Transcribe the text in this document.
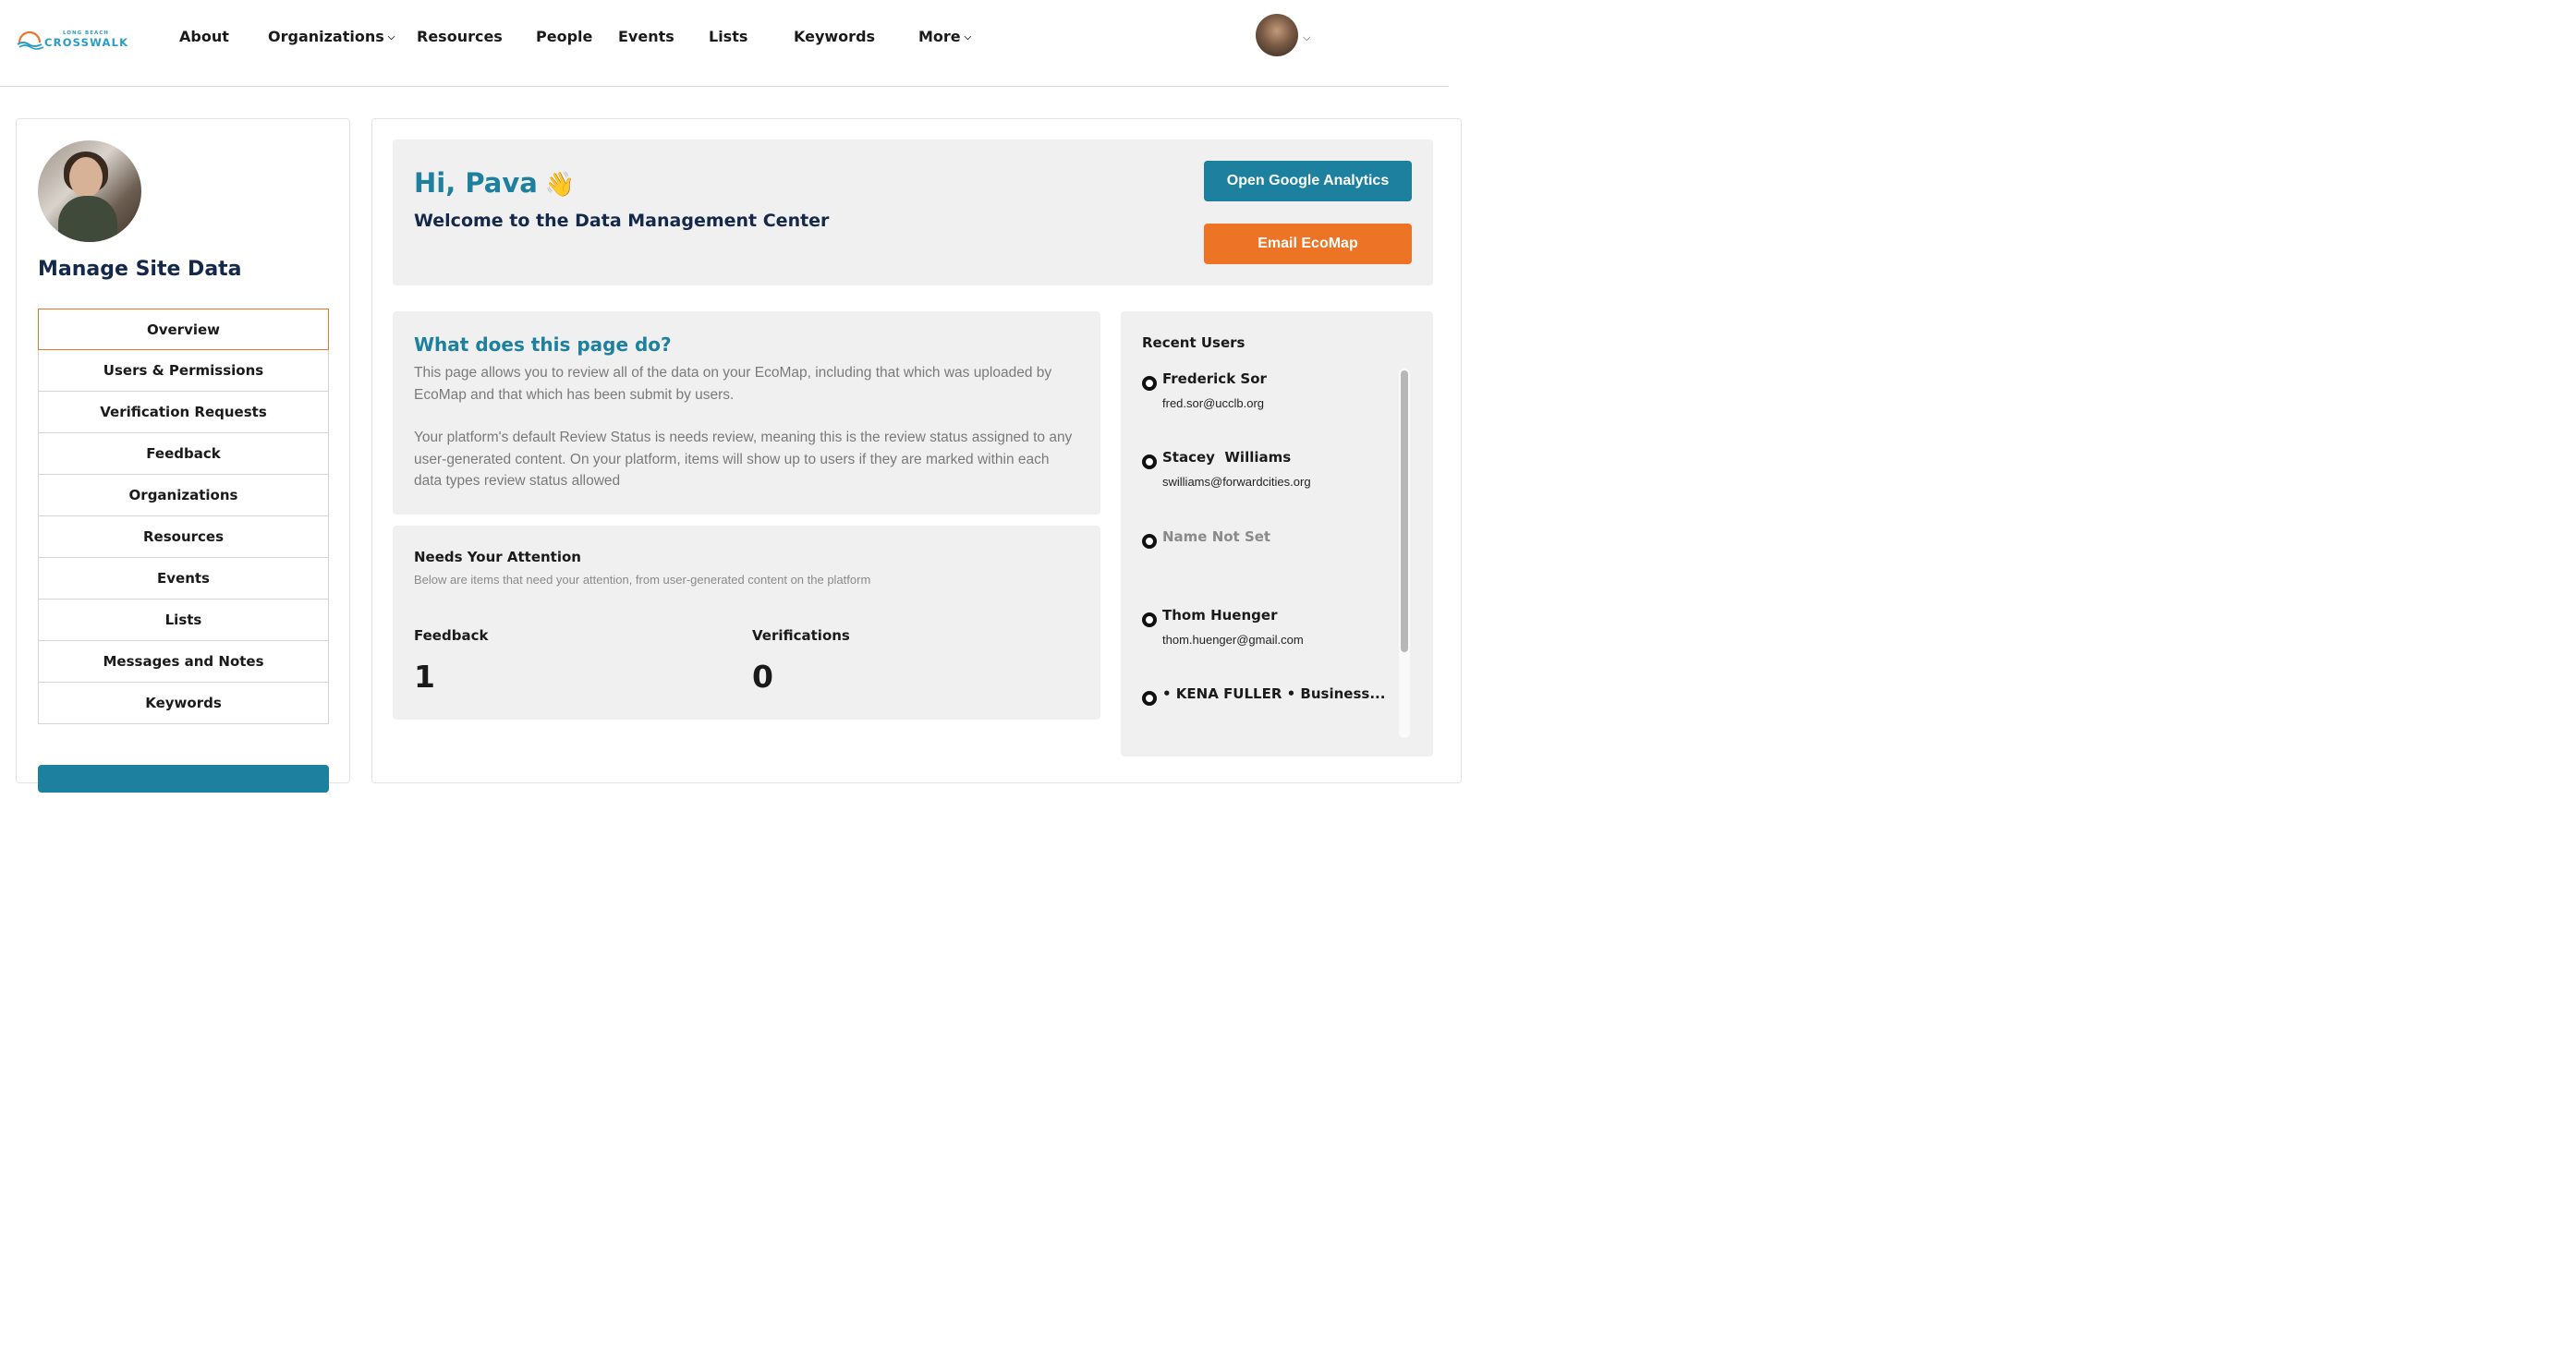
LONG BEACH
CROSSWALK	About	Organizations ⌵ Resources People Events Lists	Keywords	More ⌵	⌵
Manage Site Data
Overview
Users & Permissions
Verification Requests
Feedback
Organizations
Resources
Events
Lists
Messages and Notes
Keywords
Hi, Pava 👋
Welcome to the Data Management Center
Open Google Analytics
Email EcoMap
What does this page do?

This page allows you to review all of the data on your EcoMap, including that which was uploaded by EcoMap and that which has been submit by users.

Your platform's default Review Status is needs review, meaning this is the review status assigned to any user-generated content. On your platform, items will show up to users if they are marked within each data types review status allowed

Needs Your Attention

Below are items that need your attention, from user-generated content on the platform

Feedback
1
Verifications
0
Recent Users
Frederick Sor
fred.sor@ucclb.org
Stacey  Williams
swilliams@forwardcities.org
Name Not Set
Thom Huenger
thom.huenger@gmail.com
• KENA FULLER • Business...
